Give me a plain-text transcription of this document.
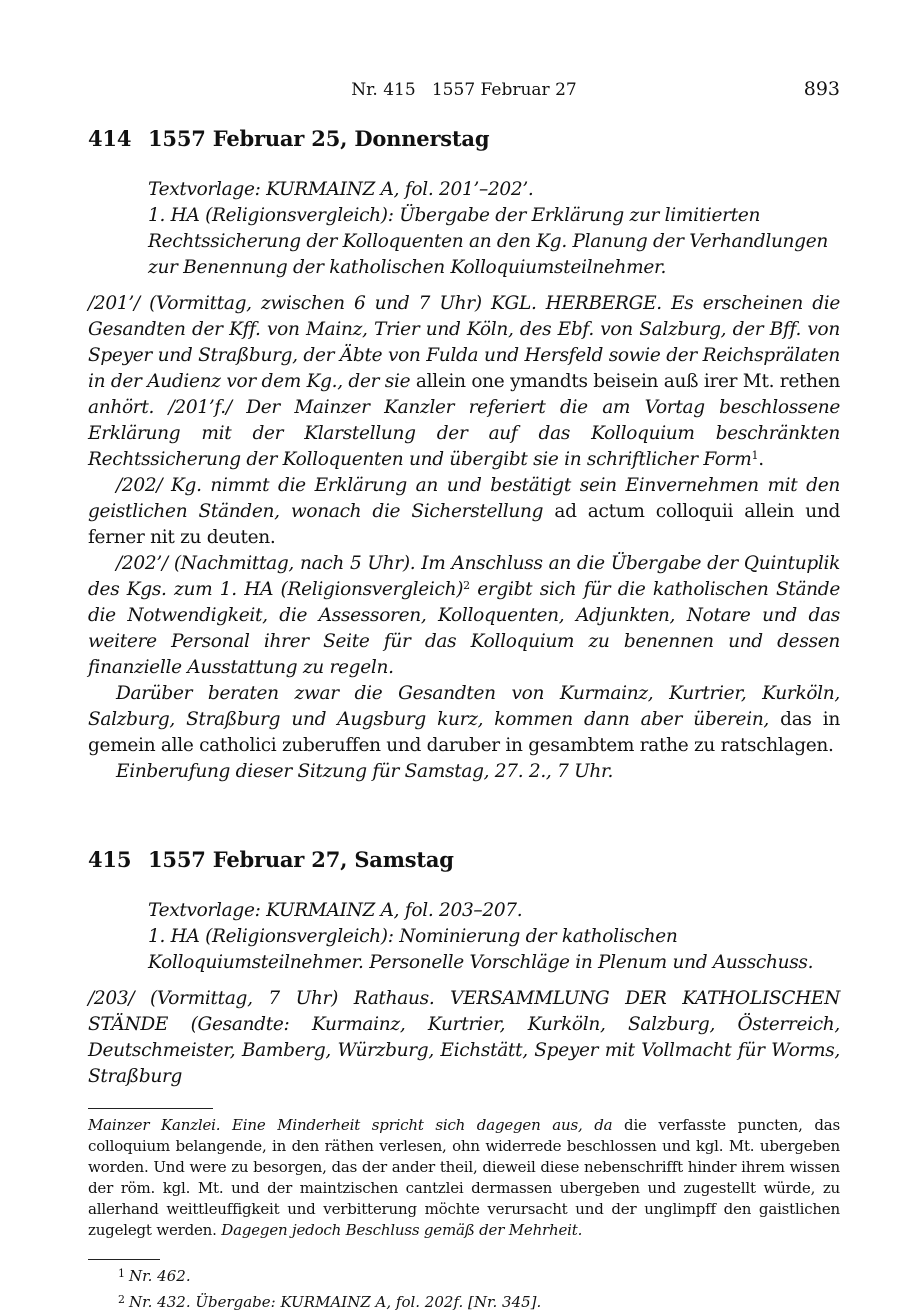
Nr. 415   1557 Februar 27	893
414 1557 Februar 25, Donnerstag

Textvorlage: KURMAINZ A, fol. 201’–202’.

1. HA (Religionsvergleich): Übergabe der Erklärung zur limitierten Rechtssicherung der Kolloquenten an den Kg. Planung der Verhandlungen zur Benennung der katholischen Kolloquiumsteilnehmer.

/201’/ (Vormittag, zwischen 6 und 7 Uhr) KGL. HERBERGE. Es erscheinen die Gesandten der Kff. von Mainz, Trier und Köln, des Ebf. von Salzburg, der Bff. von Speyer und Straßburg, der Äbte von Fulda und Hersfeld sowie der Reichsprälaten in der Audienz vor dem Kg., der sie allein one ymandts beisein auß irer Mt. rethen anhört. /201’f./ Der Mainzer Kanzler referiert die am Vortag beschlossene Erklärung mit der Klarstellung der auf das Kolloquium beschränkten Rechtssicherung der Kolloquenten und übergibt sie in schriftlicher Form$^1$.

/202/ Kg. nimmt die Erklärung an und bestätigt sein Einvernehmen mit den geistlichen Ständen, wonach die Sicherstellung ad actum colloquii allein und ferner nit zu deuten.

/202’/ (Nachmittag, nach 5 Uhr). Im Anschluss an die Übergabe der Quintuplik des Kgs. zum 1. HA (Religionsvergleich)$^2$ ergibt sich für die katholischen Stände die Notwendigkeit, die Assessoren, Kolloquenten, Adjunkten, Notare und das weitere Personal ihrer Seite für das Kolloquium zu benennen und dessen finanzielle Ausstattung zu regeln.

Darüber beraten zwar die Gesandten von Kurmainz, Kurtrier, Kurköln, Salzburg, Straßburg und Augsburg kurz, kommen dann aber überein, das in gemein alle catholici zuberuffen und daruber in gesambtem rathe zu ratschlagen.

Einberufung dieser Sitzung für Samstag, 27. 2., 7 Uhr.

415 1557 Februar 27, Samstag

Textvorlage: KURMAINZ A, fol. 203–207.

1. HA (Religionsvergleich): Nominierung der katholischen Kolloquiumsteilnehmer. Personelle Vorschläge in Plenum und Ausschuss.

/203/ (Vormittag, 7 Uhr) Rathaus. VERSAMMLUNG DER KATHOLISCHEN STÄNDE (Gesandte: Kurmainz, Kurtrier, Kurköln, Salzburg, Österreich, Deutschmeister, Bamberg, Würzburg, Eichstätt, Speyer mit Vollmacht für Worms, Straßburg

Mainzer Kanzlei. Eine Minderheit spricht sich dagegen aus, da die verfasste puncten, das colloquium belangende, in den räthen verlesen, ohn widerrede beschlossen und kgl. Mt. ubergeben worden. Und were zu besorgen, das der ander theil, dieweil diese nebenschrifft hinder ihrem wissen der röm. kgl. Mt. und der maintzischen cantzlei dermassen ubergeben und zugestellt würde, zu allerhand weittleuffigkeit und verbitterung möchte verursacht und der unglimpff den gaistlichen zugelegt werden. Dagegen jedoch Beschluss gemäß der Mehrheit.
$^1$ Nr. 462.
$^2$ Nr. 432. Übergabe: KURMAINZ A, fol. 202f. [Nr. 345].
